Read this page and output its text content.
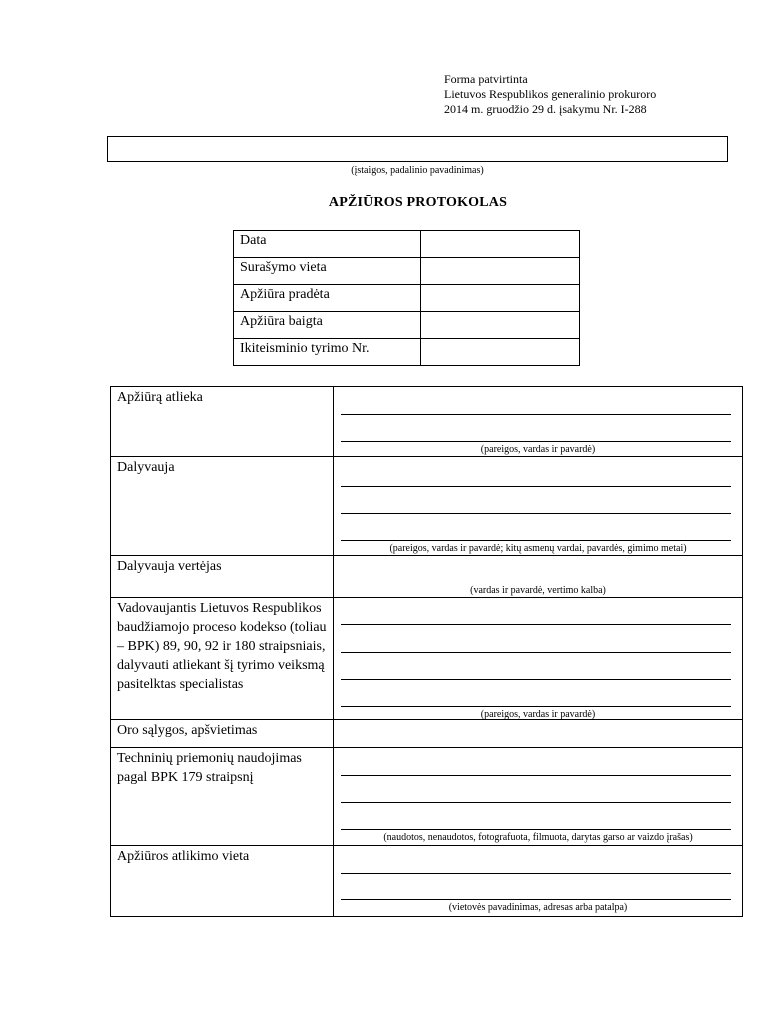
Forma patvirtinta
Lietuvos Respublikos generalinio prokuroro
2014 m. gruodžio 29 d. įsakymu Nr. I-288
(įstaigos, padalinio pavadinimas)
APŽIŪROS PROTOKOLAS
Data	
Surašymo vieta	
Apžiūra pradėta	
Apžiūra baigta	
Ikiteisminio tyrimo Nr.	
Apžiūrą atlieka	(pareigos, vardas ir pavardė)

Dalyvauja	(pareigos, vardas ir pavardė; kitų asmenų vardai, pavardės, gimimo metai)

Dalyvauja vertėjas	(vardas ir pavardė, vertimo kalba)

Vadovaujantis Lietuvos Respublikos baudžiamojo proceso kodekso (toliau – BPK) 89, 90, 92 ir 180 straipsniais, dalyvauti atliekant šį tyrimo veiksmą pasitelktas specialistas	(pareigos, vardas ir pavardė)

Oro sąlygos, apšvietimas	
Techninių priemonių naudojimas pagal BPK 179 straipsnį	(naudotos, nenaudotos, fotografuota, filmuota, darytas garso ar vaizdo įrašas)

Apžiūros atlikimo vieta	(vietovės pavadinimas, adresas arba patalpa)
